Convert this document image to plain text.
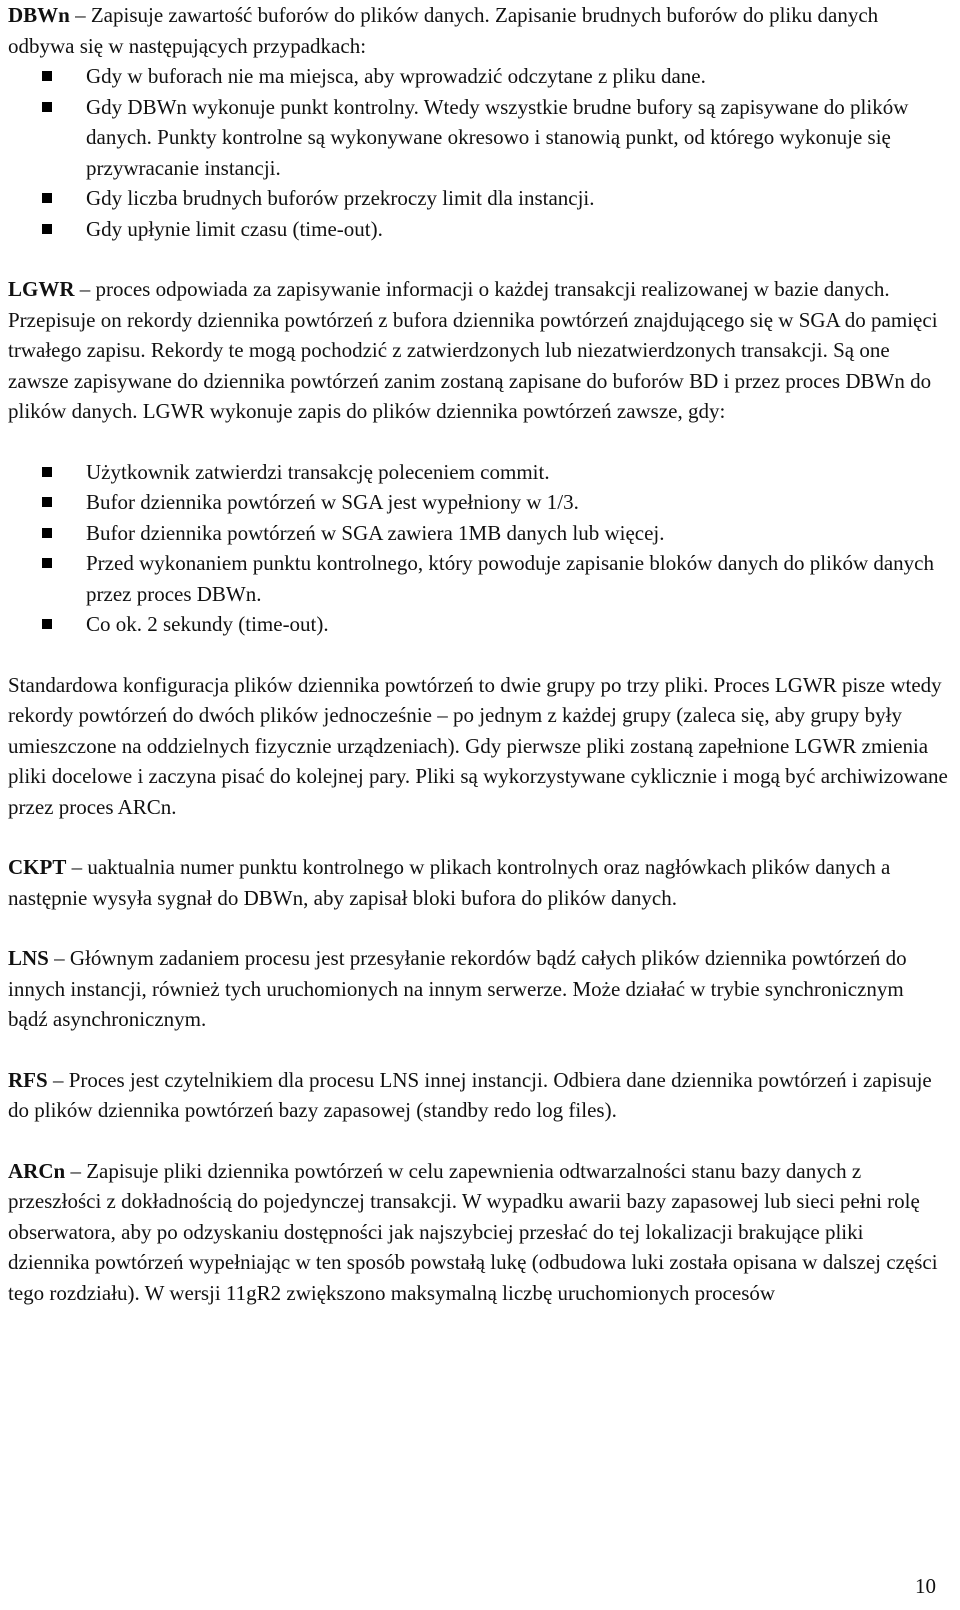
DBWn – Zapisuje zawartość buforów do plików danych. Zapisanie brudnych buforów do pliku danych odbywa się w następujących przypadkach:

Gdy w buforach nie ma miejsca, aby wprowadzić odczytane z pliku dane.
Gdy DBWn wykonuje punkt kontrolny. Wtedy wszystkie brudne bufory są zapisywane do plików danych. Punkty kontrolne są wykonywane okresowo i stanowią punkt, od którego wykonuje się przywracanie instancji.
Gdy liczba brudnych buforów przekroczy limit dla instancji.
Gdy upłynie limit czasu (time-out).

LGWR – proces odpowiada za zapisywanie informacji o każdej transakcji realizowanej w bazie danych. Przepisuje on rekordy dziennika powtórzeń z bufora dziennika powtórzeń znajdującego się w SGA do pamięci trwałego zapisu. Rekordy te mogą pochodzić z zatwierdzonych lub niezatwierdzonych transakcji. Są one zawsze zapisywane do dziennika powtórzeń zanim zostaną zapisane do buforów BD i przez proces DBWn do plików danych. LGWR wykonuje zapis do plików dziennika powtórzeń zawsze, gdy:

Użytkownik zatwierdzi transakcję poleceniem commit.
Bufor dziennika powtórzeń w SGA jest wypełniony w 1/3.
Bufor dziennika powtórzeń w SGA zawiera 1MB danych lub więcej.
Przed wykonaniem punktu kontrolnego, który powoduje zapisanie bloków danych do plików danych przez proces DBWn.
Co ok. 2 sekundy (time-out).

Standardowa konfiguracja plików dziennika powtórzeń to dwie grupy po trzy pliki. Proces LGWR pisze wtedy rekordy powtórzeń do dwóch plików jednocześnie – po jednym z każdej grupy (zaleca się, aby grupy były umieszczone na oddzielnych fizycznie urządzeniach). Gdy pierwsze pliki zostaną zapełnione LGWR zmienia pliki docelowe i zaczyna pisać do kolejnej pary. Pliki są wykorzystywane cyklicznie i mogą być archiwizowane przez proces ARCn.

CKPT – uaktualnia numer punktu kontrolnego w plikach kontrolnych oraz nagłówkach plików danych a następnie wysyła sygnał do DBWn, aby zapisał bloki bufora do plików danych.

LNS – Głównym zadaniem procesu jest przesyłanie rekordów bądź całych plików dziennika powtórzeń do innych instancji, również tych uruchomionych na innym serwerze. Może działać w trybie synchronicznym bądź asynchronicznym.

RFS – Proces jest czytelnikiem dla procesu LNS innej instancji. Odbiera dane dziennika powtórzeń i zapisuje do plików dziennika powtórzeń bazy zapasowej (standby redo log files).

ARCn – Zapisuje pliki dziennika powtórzeń w celu zapewnienia odtwarzalności stanu bazy danych z przeszłości z dokładnością do pojedynczej transakcji. W wypadku awarii bazy zapasowej lub sieci pełni rolę obserwatora, aby po odzyskaniu dostępności jak najszybciej przesłać do tej lokalizacji brakujące pliki dziennika powtórzeń wypełniając w ten sposób powstałą lukę (odbudowa luki została opisana w dalszej części tego rozdziału). W wersji 11gR2 zwiększono maksymalną liczbę uruchomionych procesów

10
